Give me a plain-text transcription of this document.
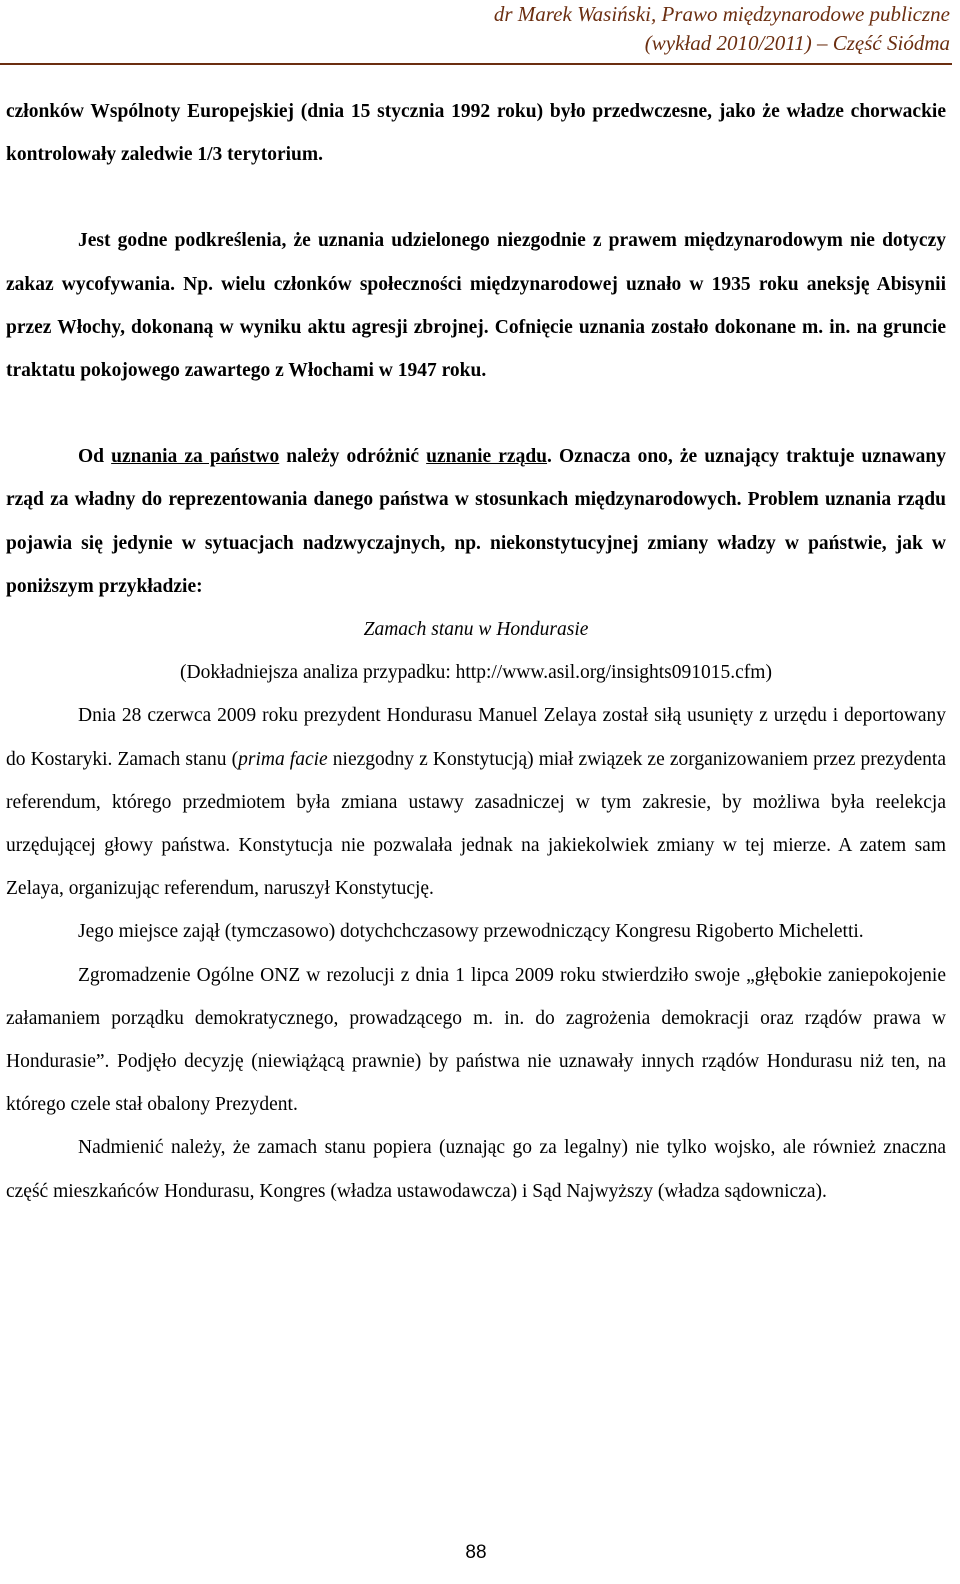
dr Marek Wasiński, Prawo międzynarodowe publiczne
(wykład 2010/2011) – Część Siódma

członków Wspólnoty Europejskiej (dnia 15 stycznia 1992 roku) było przedwczesne, jako że władze chorwackie kontrolowały zaledwie 1/3 terytorium.

Jest godne podkreślenia, że uznania udzielonego niezgodnie z prawem międzynarodowym nie dotyczy zakaz wycofywania. Np. wielu członków społeczności międzynarodowej uznało w 1935 roku aneksję Abisynii przez Włochy, dokonaną w wyniku aktu agresji zbrojnej. Cofnięcie uznania zostało dokonane m. in. na gruncie traktatu pokojowego zawartego z Włochami w 1947 roku.

Od uznania za państwo należy odróżnić uznanie rządu. Oznacza ono, że uznający traktuje uznawany rząd za władny do reprezentowania danego państwa w stosunkach międzynarodowych. Problem uznania rządu pojawia się jedynie w sytuacjach nadzwyczajnych, np. niekonstytucyjnej zmiany władzy w państwie, jak w poniższym przykładzie:

Zamach stanu w Hondurasie

(Dokładniejsza analiza przypadku: http://www.asil.org/insights091015.cfm)

Dnia 28 czerwca 2009 roku prezydent Hondurasu Manuel Zelaya został siłą usunięty z urzędu i deportowany do Kostaryki. Zamach stanu (prima facie niezgodny z Konstytucją) miał związek ze zorganizowaniem przez prezydenta referendum, którego przedmiotem była zmiana ustawy zasadniczej w tym zakresie, by możliwa była reelekcja urzędującej głowy państwa. Konstytucja nie pozwalała jednak na jakiekolwiek zmiany w tej mierze. A zatem sam Zelaya, organizując referendum, naruszył Konstytucję.

Jego miejsce zajął (tymczasowo) dotychchczasowy przewodniczący Kongresu Rigoberto Micheletti.

Zgromadzenie Ogólne ONZ w rezolucji z dnia 1 lipca 2009 roku stwierdziło swoje „głębokie zaniepokojenie załamaniem porządku demokratycznego, prowadzącego m. in. do zagrożenia demokracji oraz rządów prawa w Hondurasie”. Podjęło decyzję (niewiążącą prawnie) by państwa nie uznawały innych rządów Hondurasu niż ten, na którego czele stał obalony Prezydent.

Nadmienić należy, że zamach stanu popiera (uznając go za legalny) nie tylko wojsko, ale również znaczna część mieszkańców Hondurasu, Kongres (władza ustawodawcza) i Sąd Najwyższy (władza sądownicza).

88
